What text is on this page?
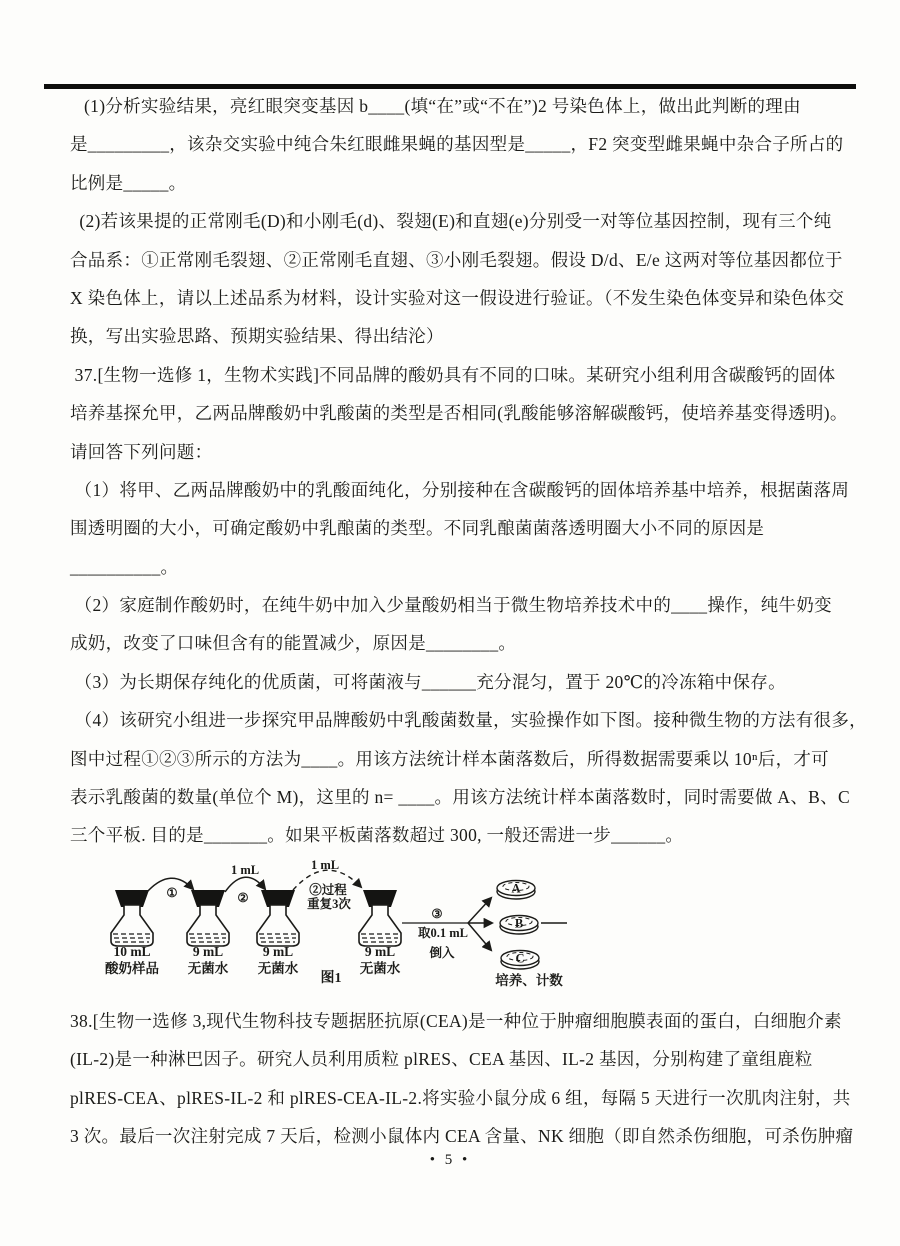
(1)分析实验结果，亮红眼突变基因 b____(填“在”或“不在”)2 号染色体上，做出此判断的理由
是_________，该杂交实验中纯合朱红眼雌果蝇的基因型是_____，F2 突变型雌果蝇中杂合子所占的
比例是_____。
(2)若该果提的正常刚毛(D)和小刚毛(d)、裂翅(E)和直翅(e)分别受一对等位基因控制，现有三个纯
合品系：①正常刚毛裂翅、②正常刚毛直翅、③小刚毛裂翅。假设 D/d、E/e 这两对等位基因都位于
X 染色体上，请以上述品系为材料，设计实验对这一假设进行验证。（不发生染色体变异和染色体交
换，写出实验思路、预期实验结果、得出结沦）
37.[生物一选修 1，生物术实践]不同品牌的酸奶具有不同的口味。某研究小组利用含碳酸钙的固体
培养基探允甲，乙两品牌酸奶中乳酸菌的类型是否相同(乳酸能够溶解碳酸钙，使培养基变得透明)。
请回答下列问题：
（1）将甲、乙两品牌酸奶中的乳酸面纯化，分别接种在含碳酸钙的固体培养基中培养，根据菌落周
围透明圈的大小，可确定酸奶中乳酿菌的类型。不同乳酿菌菌落透明圈大小不同的原因是
__________。
（2）家庭制作酸奶时，在纯牛奶中加入少量酸奶相当于微生物培养技术中的____操作，纯牛奶变
成奶，改变了口味但含有的能置减少，原因是________。
（3）为长期保存纯化的优质菌，可将菌液与______充分混匀，置于 20℃的冷冻箱中保存。
（4）该研究小组进一步探究甲品牌酸奶中乳酸菌数量，实验操作如下图。接种微生物的方法有很多，
图中过程①②③所示的方法为____。用该方法统计样本菌落数后，所得数据需要乘以 10ⁿ后，才可
表示乳酸菌的数量(单位个 M)，这里的 n= ____。用该方法统计样本菌落数时，同时需要做 A、B、C
三个平板. 目的是_______。如果平板菌落数超过 300, 一般还需进一步______。
10 mL
酸奶样品
9 mL
无菌水
9 mL
无菌水
9 mL
无菌水
①
1 mL
②
1 mL
②过程
重复3次
③
取0.1 mL
倒入
A
B
C
培养、计数
图1
38.[生物一选修 3,现代生物科技专题据胚抗原(CEA)是一种位于肿瘤细胞膜表面的蛋白，白细胞介素
(IL-2)是一种淋巴因子。研究人员利用质粒 plRES、CEA 基因、IL-2 基因，分别构建了童组鹿粒
plRES-CEA、plRES-IL-2 和 plRES-CEA-IL-2.将实验小鼠分成 6 组，每隔 5 天进行一次肌肉注射，共
3 次。最后一次注射完成 7 天后，检测小鼠体内 CEA 含量、NK 细胞（即自然杀伤细胞，可杀伤肿瘤
• 5 •
